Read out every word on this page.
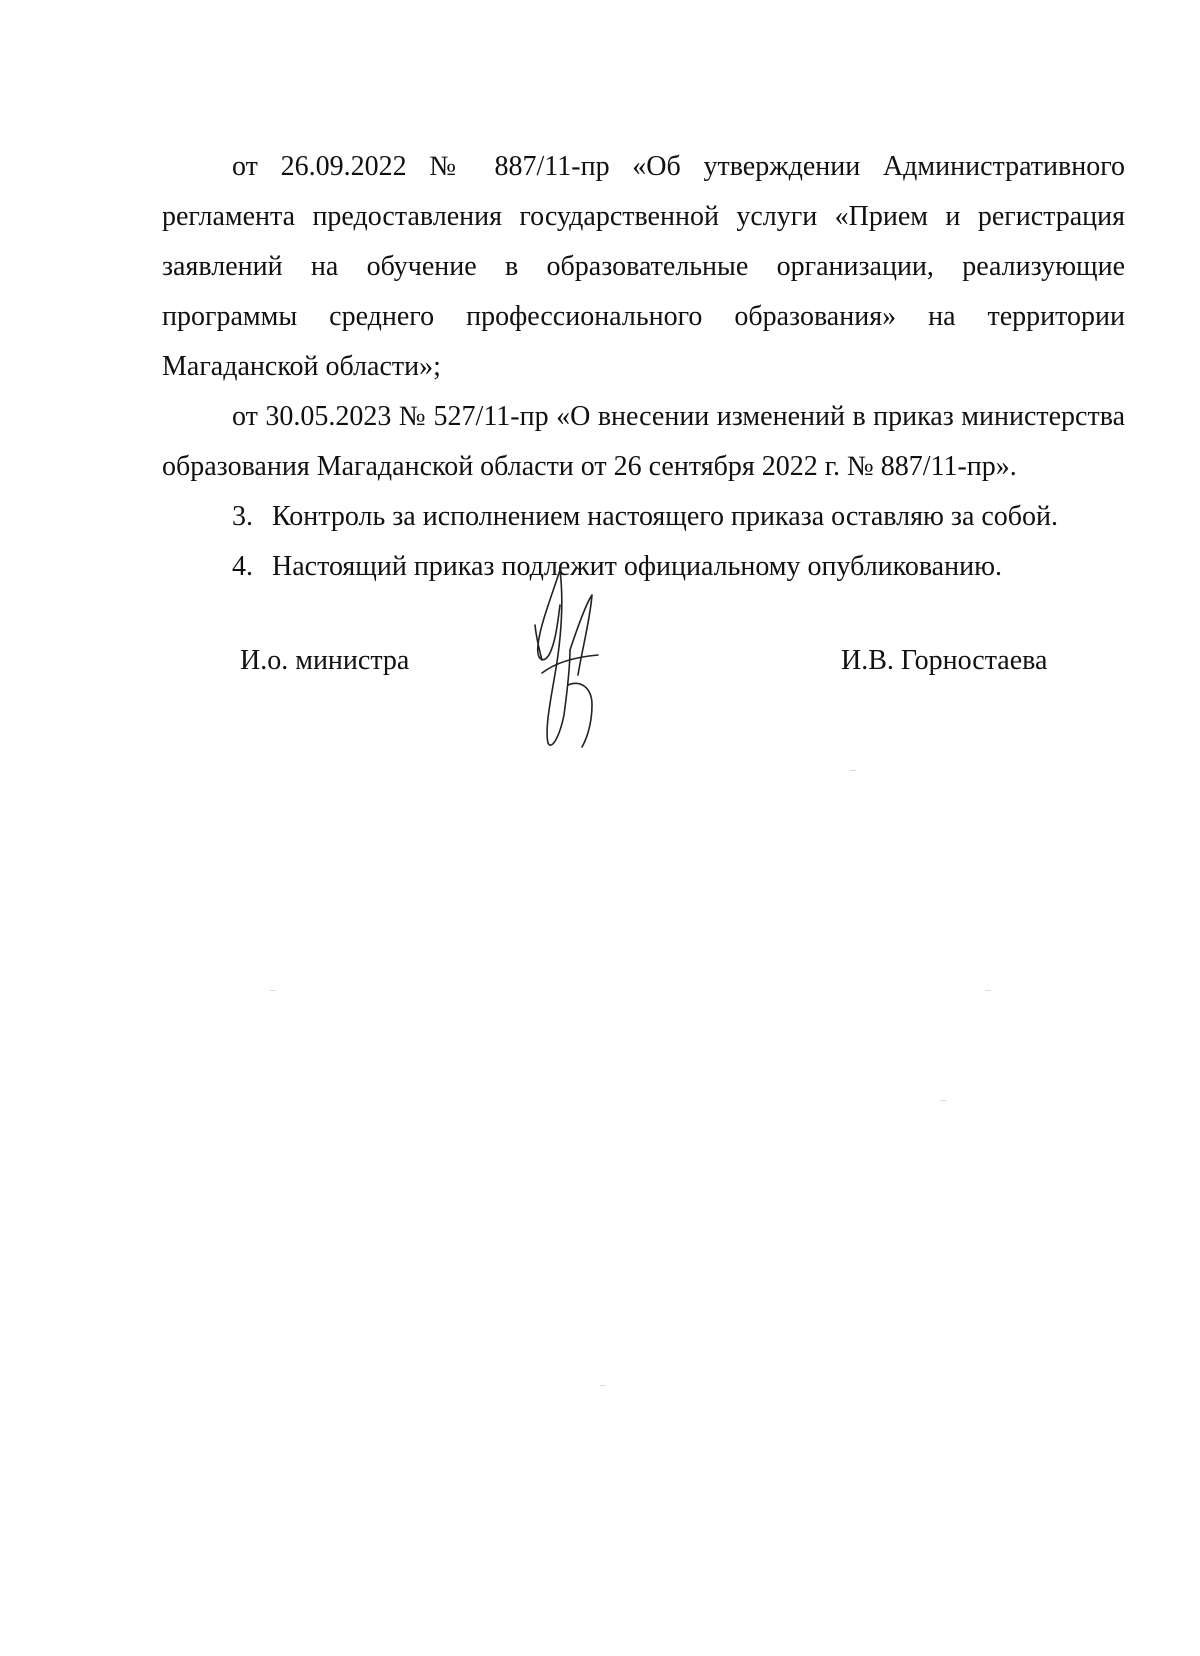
от 26.09.2022 № 887/11-пр «Об утверждении Административного регламента предоставления государственной услуги «Прием и регистрация заявлений на обучение в образовательные организации, реализующие программы среднего профессионального образования» на территории Магаданской области»;

от 30.05.2023 № 527/11-пр «О внесении изменений в приказ министерства образования Магаданской области от 26 сентября 2022 г. № 887/11-пр».

3. Контроль за исполнением настоящего приказа оставляю за собой.
4. Настоящий приказ подлежит официальному опубликованию.
И.о. министра	И.В. Горностаева
